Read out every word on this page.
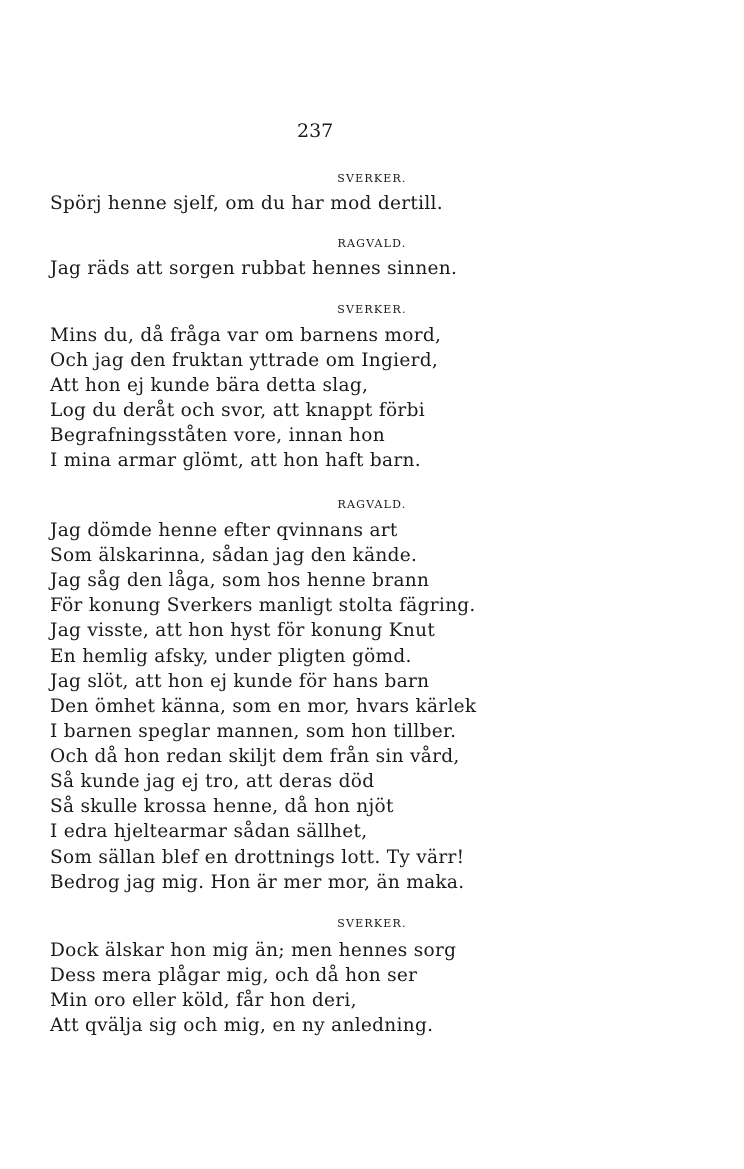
237
SVERKER.
Spörj henne sjelf, om du har mod dertill.
RAGVALD.
Jag räds att sorgen rubbat hennes sinnen.
SVERKER.
Mins du, då fråga var om barnens mord,
Och jag den fruktan yttrade om Ingierd,
Att hon ej kunde bära detta slag,
Log du deråt och svor, att knappt förbi
Begrafningsståten vore, innan hon
I mina armar glömt, att hon haft barn.
RAGVALD.
Jag dömde henne efter qvinnans art
Som älskarinna, sådan jag den kände.
Jag såg den låga, som hos henne brann
För konung Sverkers manligt stolta fägring.
Jag visste, att hon hyst för konung Knut
En hemlig afsky, under pligten gömd.
Jag slöt, att hon ej kunde för hans barn
Den ömhet känna, som en mor, hvars kärlek
I barnen speglar mannen, som hon tillber.
Och då hon redan skiljt dem från sin vård,
Så kunde jag ej tro, att deras död
Så skulle krossa henne, då hon njöt
I edra hjeltearmar sådan sällhet,
Som sällan blef en drottnings lott. Ty värr!
Bedrog jag mig. Hon är mer mor, än maka.
SVERKER.
Dock älskar hon mig än; men hennes sorg
Dess mera plågar mig, och då hon ser
Min oro eller köld, får hon deri,
Att qvälja sig och mig, en ny anledning.
